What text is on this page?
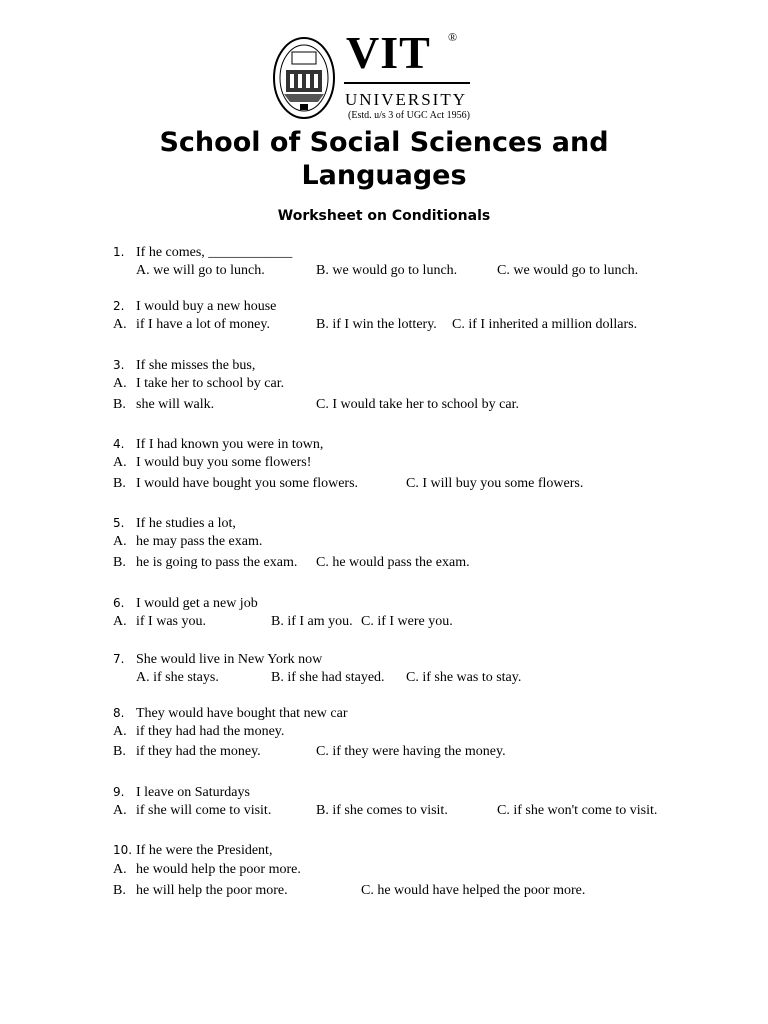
VIT ®
UNIVERSITY
(Estd. u/s 3 of UGC Act 1956)
School of Social Sciences and Languages
Worksheet on Conditionals
1. If he comes, ____________
A. we will go to lunch.	B. we would go to lunch.	C. we would go to lunch.
2. I would buy a new house
A. if I have a lot of money.	B. if I win the lottery. C. if I inherited a million dollars.
3. If she misses the bus,
A. I take her to school by car.
B. she will walk.	C. I would take her to school by car.
4. If I had known you were in town,
A. I would buy you some flowers!
B. I would have bought you some flowers.	C. I will buy you some flowers.
5. If he studies a lot,
A. he may pass the exam.
B. he is going to pass the exam. C. he would pass the exam.
6. I would get a new job
A. if I was you.	B. if I am you. C. if I were you.
7. She would live in New York now
A. if she stays.	B. if she had stayed. C. if she was to stay.
8. They would have bought that new car
A. if they had had the money.
B. if they had the money.	C. if they were having the money.
9. I leave on Saturdays
A. if she will come to visit.	B. if she comes to visit.	C. if she won't come to visit.
10. If he were the President,
A. he would help the poor more.
B. he will help the poor more.	C. he would have helped the poor more.
